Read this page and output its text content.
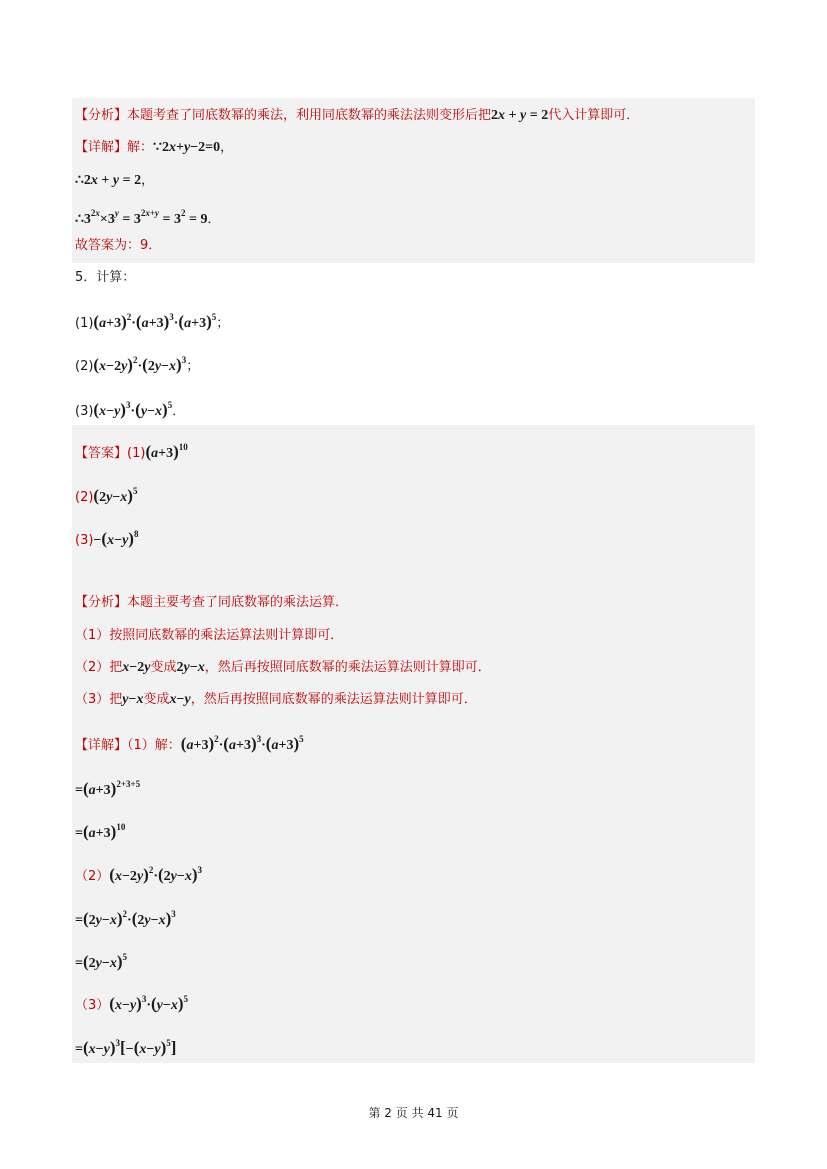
【分析】本题考查了同底数幂的乘法，利用同底数幂的乘法法则变形后把2x + y = 2代入计算即可．
【详解】解：∵2x+y−2=0，
∴2x + y = 2，
$\therefore 3^{2x}\times 3^y = 3^{2x+y} = 3^2 = 9$．
故答案为：9．
5．计算：
$(1)(a+3)^2\cdot(a+3)^3\cdot(a+3)^5$；
$(2)(x-2y)^2\cdot(2y-x)^3$；
$(3)(x-y)^3\cdot(y-x)^5$．
【答案】$(1)(a+3)^{10}$
$(2)(2y-x)^5$
$(3)-(x-y)^8$
【分析】本题主要考查了同底数幂的乘法运算．
（1）按照同底数幂的乘法运算法则计算即可．
（2）把x−2y变成2y−x，然后再按照同底数幂的乘法运算法则计算即可．
（3）把y−x变成x−y，然后再按照同底数幂的乘法运算法则计算即可．
【详解】（1）解：$(a+3)^2\cdot(a+3)^3\cdot(a+3)^5$
$=(a+3)^{2+3+5}$
$=(a+3)^{10}$
$(2)(x-2y)^2\cdot(2y-x)^3$
$=(2y-x)^2\cdot(2y-x)^3$
$=(2y-x)^5$
$(3)(x-y)^3\cdot(y-x)^5$
$=(x-y)^3[-(x-y)^5]$
第 2 页 共 41 页
